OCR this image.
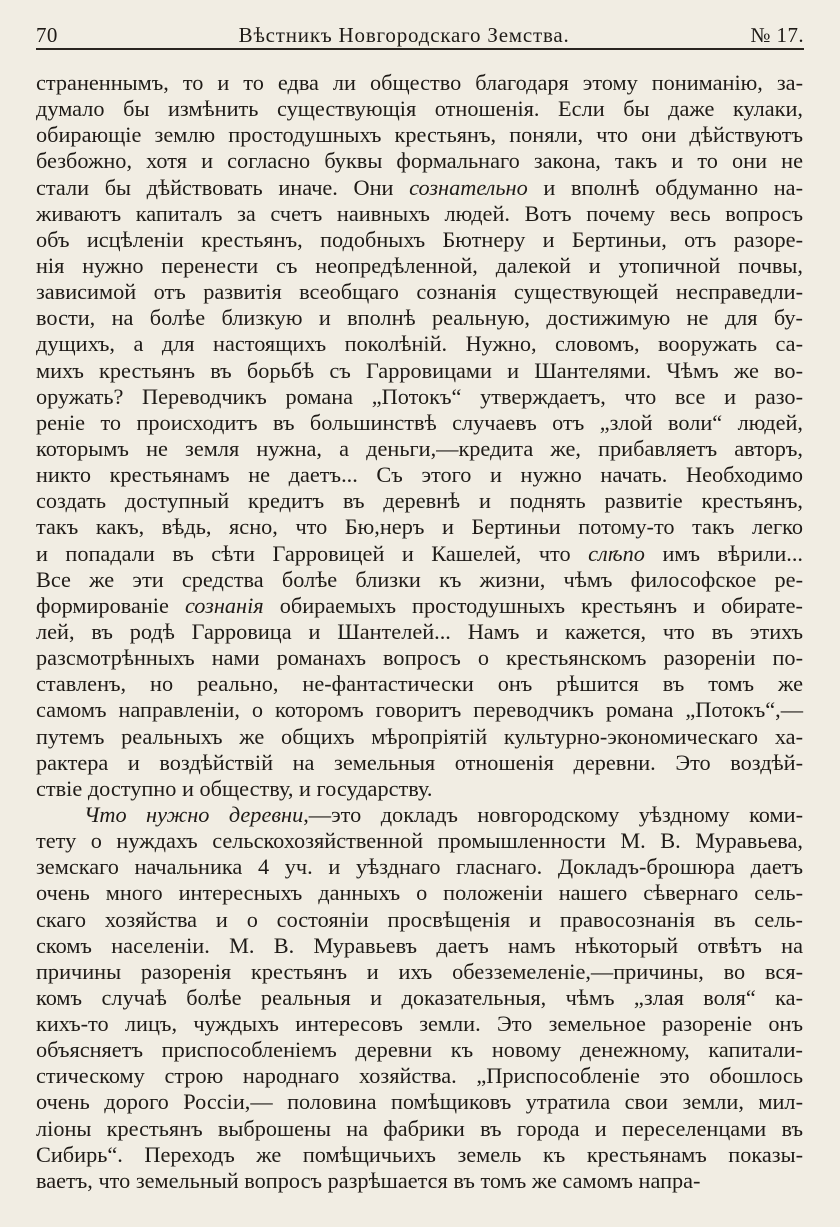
70	Вѣстникъ Новгородскаго Земства.	№ 17.
страненнымъ, то и то едва ли общество благодаря этому пониманію, за-
думало бы измѣнить существующія отношенія. Если бы даже кулаки,
обирающіе землю простодушныхъ крестьянъ, поняли, что они дѣйствуютъ
безбожно, хотя и согласно буквы формальнаго закона, такъ и то они не
стали бы дѣйствовать иначе. Они сознательно и вполнѣ обдуманно на-
живаютъ капиталъ за счетъ наивныхъ людей. Вотъ почему весь вопросъ
объ исцѣленіи крестьянъ, подобныхъ Бютнеру и Бертиньи, отъ разоре-
нія нужно перенести съ неопредѣленной, далекой и утопичной почвы,
зависимой отъ развитія всеобщаго сознанія существующей несправедли-
вости, на болѣе близкую и вполнѣ реальную, достижимую не для бу-
дущихъ, а для настоящихъ поколѣній. Нужно, словомъ, вооружать са-
михъ крестьянъ въ борьбѣ съ Гарровицами и Шантелями. Чѣмъ же во-
оружать? Переводчикъ романа „Потокъ“ утверждаетъ, что все и разо-
реніе то происходитъ въ большинствѣ случаевъ отъ „злой воли“ людей,
которымъ не земля нужна, а деньги,—кредита же, прибавляетъ авторъ,
никто крестьянамъ не даетъ... Съ этого и нужно начать. Необходимо
создать доступный кредитъ въ деревнѣ и поднять развитіе крестьянъ,
такъ какъ, вѣдь, ясно, что Бю,неръ и Бертиньи потому-то такъ легко
и попадали въ сѣти Гарровицей и Кашелей, что слѣпо имъ вѣрили...
Все же эти средства болѣе близки къ жизни, чѣмъ философское ре-
формированіе сознанія обираемыхъ простодушныхъ крестьянъ и обирате-
лей, въ родѣ Гарровица и Шантелей... Намъ и кажется, что въ этихъ
разсмотрѣнныхъ нами романахъ вопросъ о крестьянскомъ разореніи по-
ставленъ, но реально, не-фантастически онъ рѣшится въ томъ же
самомъ направленіи, о которомъ говоритъ переводчикъ романа „Потокъ“,—
путемъ реальныхъ же общихъ мѣропріятій культурно-экономическаго ха-
рактера и воздѣйствій на земельныя отношенія деревни. Это воздѣй-
ствіе доступно и обществу, и государству.
Что нужно деревни,—это докладъ новгородскому уѣздному коми-
тету о нуждахъ сельскохозяйственной промышленности М. В. Муравьева,
земскаго начальника 4 уч. и уѣзднаго гласнаго. Докладъ-брошюра даетъ
очень много интересныхъ данныхъ о положеніи нашего сѣвернаго сель-
скаго хозяйства и о состояніи просвѣщенія и правосознанія въ сель-
скомъ населеніи. М. В. Муравьевъ даетъ намъ нѣкоторый отвѣтъ на
причины разоренія крестьянъ и ихъ обезземеленіе,—причины, во вся-
комъ случаѣ болѣе реальныя и доказательныя, чѣмъ „злая воля“ ка-
кихъ-то лицъ, чуждыхъ интересовъ земли. Это земельное разореніе онъ
объясняетъ приспособленіемъ деревни къ новому денежному, капитали-
стическому строю народнаго хозяйства. „Приспособленіе это обошлось
очень дорого Россіи,— половина помѣщиковъ утратила свои земли, мил-
ліоны крестьянъ выброшены на фабрики въ города и переселенцами въ
Сибирь“. Переходъ же помѣщичьихъ земель къ крестьянамъ показы-
ваетъ, что земельный вопросъ разрѣшается въ томъ же самомъ напра-
